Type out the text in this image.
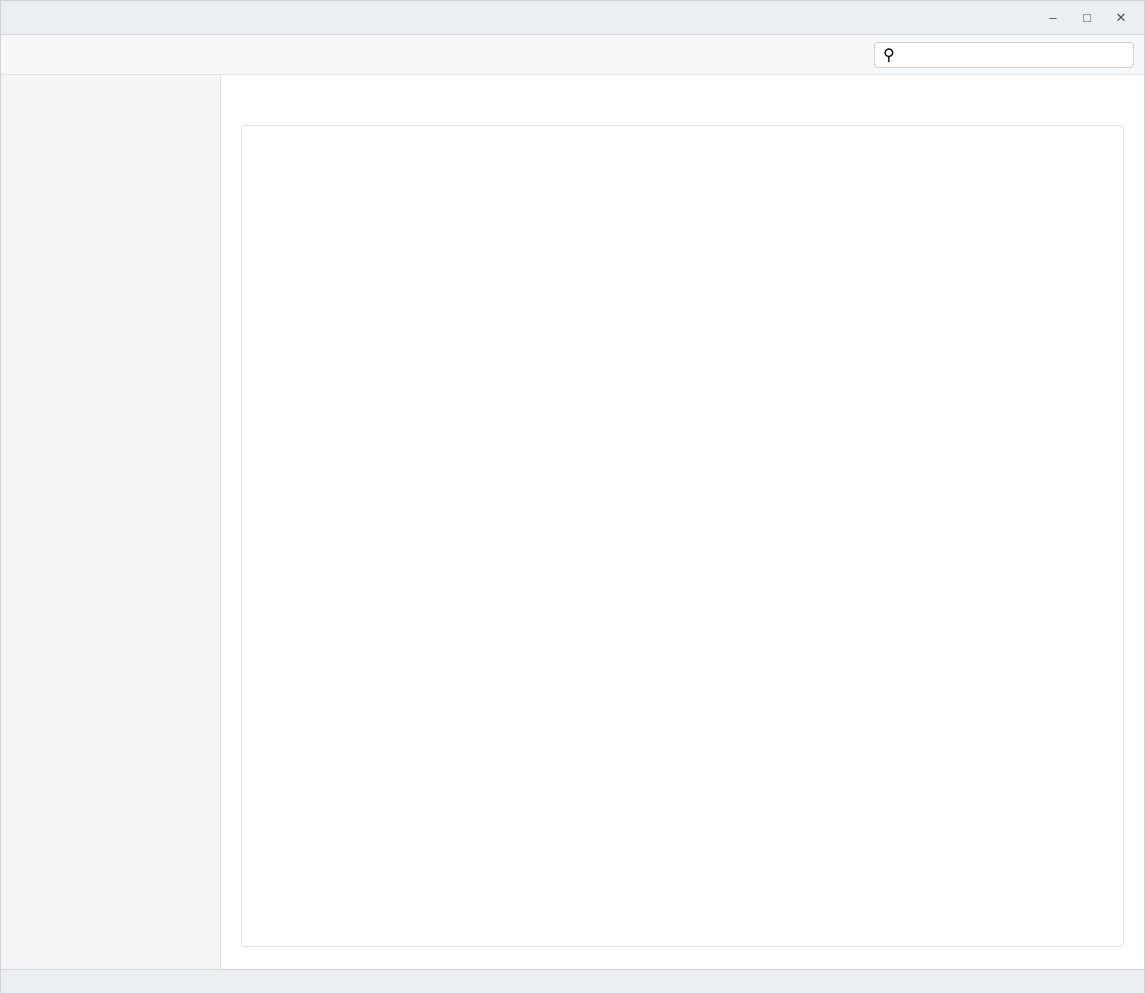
–	□	✕
⚲
